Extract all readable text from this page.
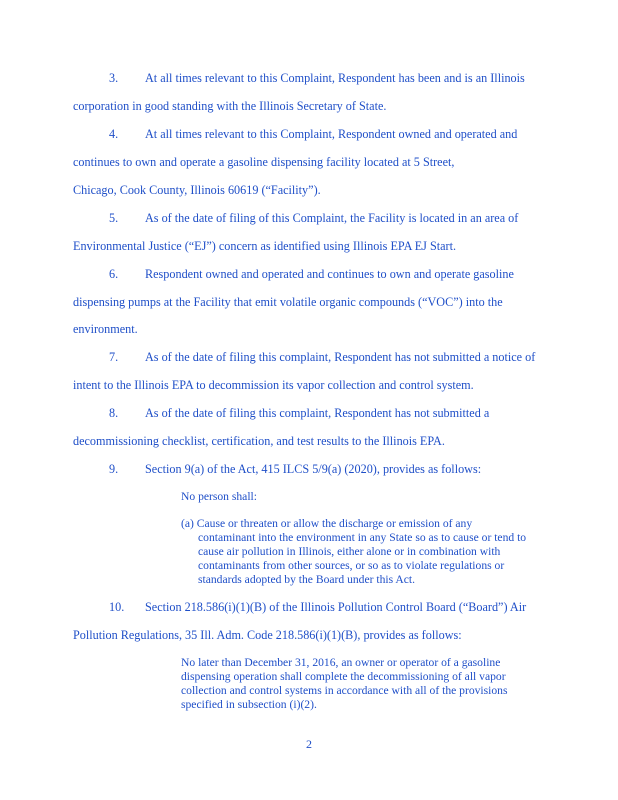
3. At all times relevant to this Complaint, Respondent has been and is an Illinois
corporation in good standing with the Illinois Secretary of State.
4. At all times relevant to this Complaint, Respondent owned and operated and
continues to own and operate a gasoline dispensing facility located at 5 Street,
Chicago, Cook County, Illinois 60619 (“Facility”).
5. As of the date of filing of this Complaint, the Facility is located in an area of
Environmental Justice (“EJ”) concern as identified using Illinois EPA EJ Start.
6. Respondent owned and operated and continues to own and operate gasoline
dispensing pumps at the Facility that emit volatile organic compounds (“VOC”) into the
environment.
7. As of the date of filing this complaint, Respondent has not submitted a notice of
intent to the Illinois EPA to decommission its vapor collection and control system.
8. As of the date of filing this complaint, Respondent has not submitted a
decommissioning checklist, certification, and test results to the Illinois EPA.
9. Section 9(a) of the Act, 415 ILCS 5/9(a) (2020), provides as follows:
No person shall:
(a) Cause or threaten or allow the discharge or emission of any
contaminant into the environment in any State so as to cause or tend to
cause air pollution in Illinois, either alone or in combination with
contaminants from other sources, or so as to violate regulations or
standards adopted by the Board under this Act.
10. Section 218.586(i)(1)(B) of the Illinois Pollution Control Board (“Board”) Air
Pollution Regulations, 35 Ill. Adm. Code 218.586(i)(1)(B), provides as follows:
No later than December 31, 2016, an owner or operator of a gasoline
dispensing operation shall complete the decommissioning of all vapor
collection and control systems in accordance with all of the provisions
specified in subsection (i)(2).
2
